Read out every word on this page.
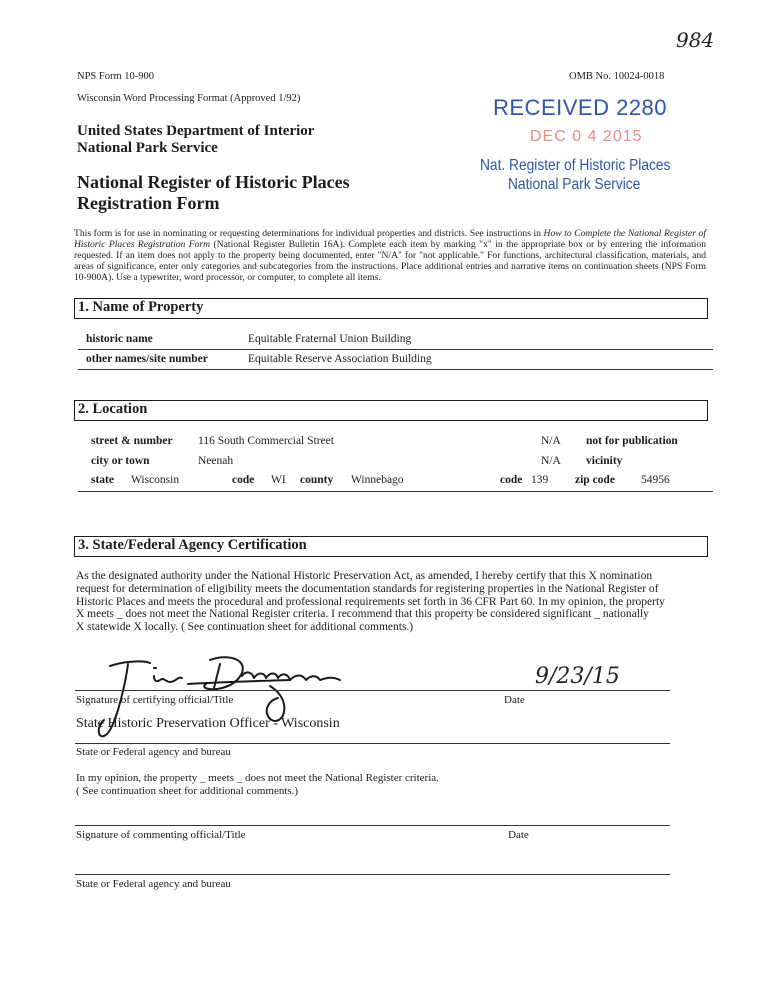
984
NPS Form 10-900	OMB No. 10024-0018
Wisconsin Word Processing Format (Approved 1/92)
United States Department of Interior
National Park Service
National Register of Historic Places
Registration Form
RECEIVED 2280
DEC 0 4 2015
Nat. Register of Historic Places
National Park Service
This form is for use in nominating or requesting determinations for individual properties and districts. See instructions in How to Complete the National Register of Historic Places Registration Form (National Register Bulletin 16A). Complete each item by marking "x" in the appropriate box or by entering the information requested. If an item does not apply to the property being documented, enter "N/A" for "not applicable." For functions, architectural classification, materials, and areas of significance, enter only categories and subcategories from the instructions. Place additional entries and narrative items on continuation sheets (NPS Form 10-900A). Use a typewriter, word processor, or computer, to complete all items.
1. Name of Property
historic name	Equitable Fraternal Union Building
other names/site number	Equitable Reserve Association Building
2. Location
street & number 116 South Commercial Street	N/A not for publication
city or town	Neenah	N/A vicinity
state Wisconsin	code WI county Winnebago	code 139 zip code 54956
3. State/Federal Agency Certification
As the designated authority under the National Historic Preservation Act, as amended, I hereby certify that this X nomination
request for determination of eligibility meets the documentation standards for registering properties in the National Register of
Historic Places and meets the procedural and professional requirements set forth in 36 CFR Part 60. In my opinion, the property
X meets _ does not meet the National Register criteria. I recommend that this property be considered significant _ nationally
X statewide X locally. ( See continuation sheet for additional comments.)
9/23/15
Signature of certifying official/Title	Date
State Historic Preservation Officer - Wisconsin
State or Federal agency and bureau
In my opinion, the property _ meets _ does not meet the National Register criteria.
( See continuation sheet for additional comments.)
Signature of commenting official/Title	Date
State or Federal agency and bureau
